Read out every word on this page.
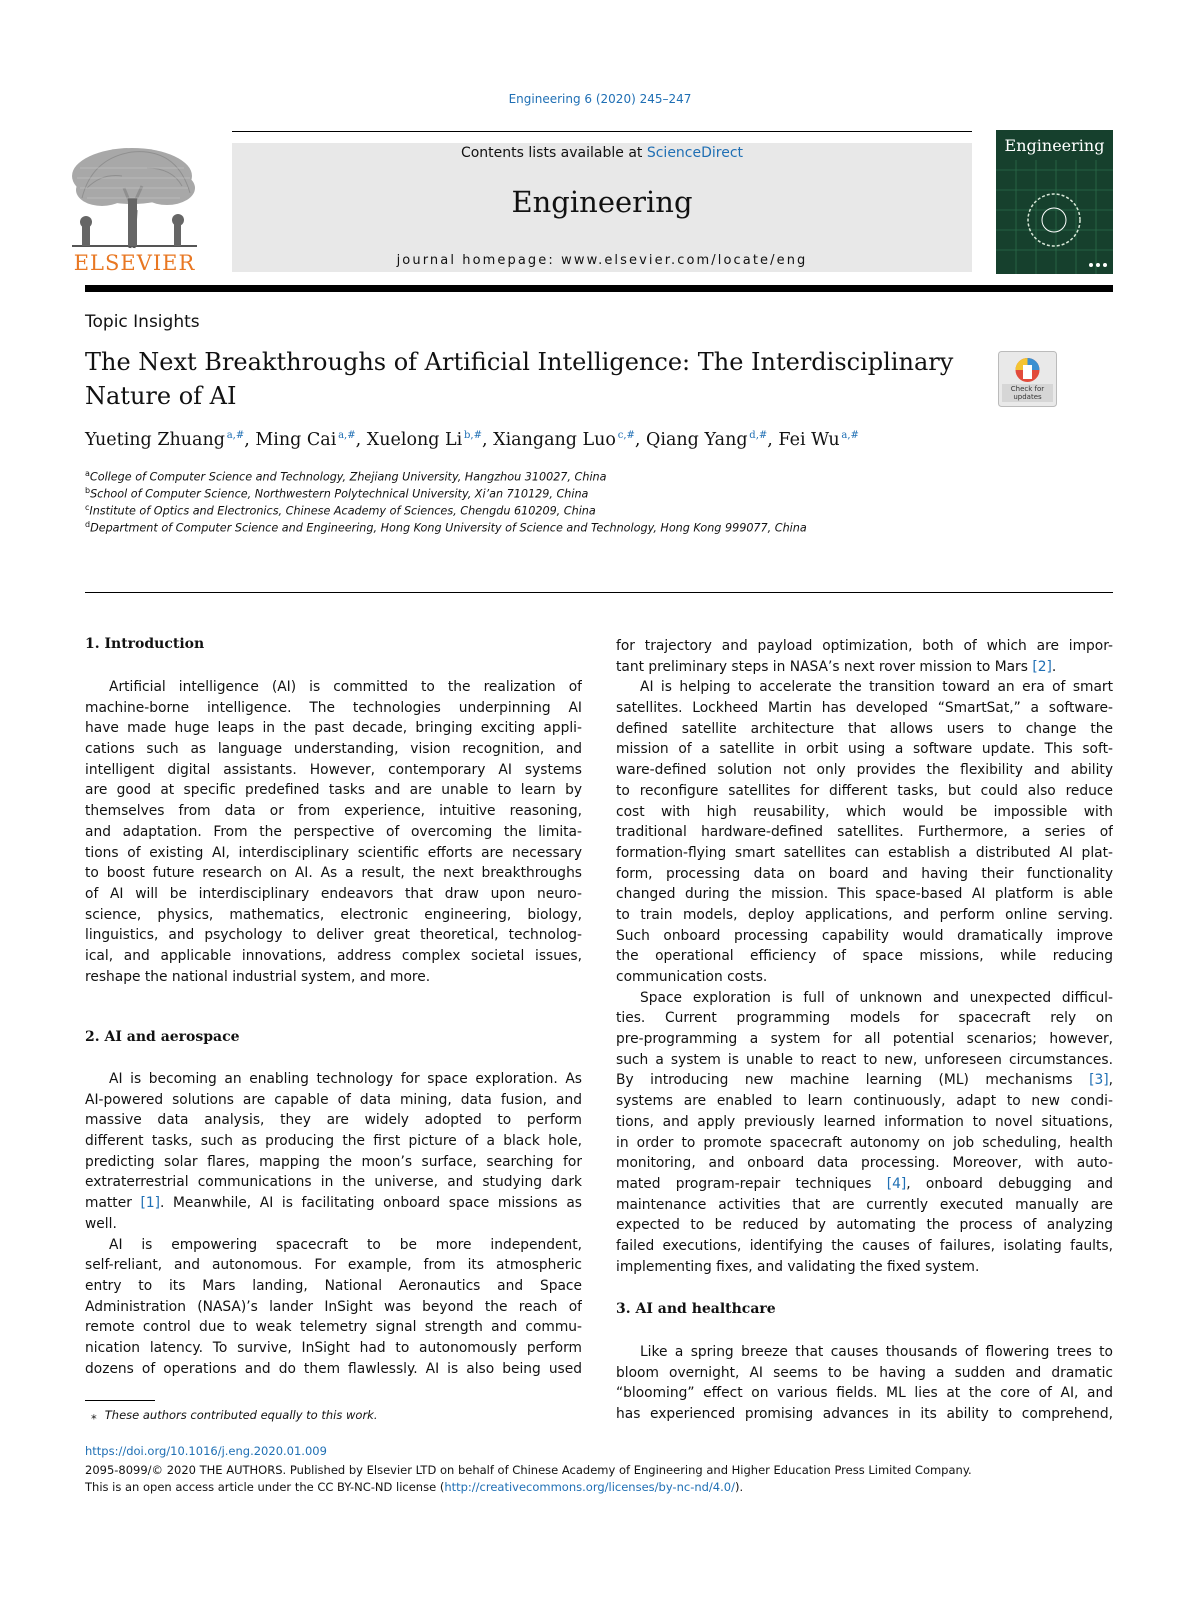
Engineering 6 (2020) 245–247
ELSEVIER
Contents lists available at ScienceDirect
Engineering
journal homepage: www.elsevier.com/locate/eng
Engineering
Topic Insights
The Next Breakthroughs of Artificial Intelligence: The Interdisciplinary
Nature of AI	Check for updates
Yueting Zhuang  $^{a,\#}$, Ming Cai  $^{a,\#}$, Xuelong Li  $^{b,\#}$, Xiangang Luo  $^{c,\#}$, Qiang Yang  $^{d,\#}$, Fei Wu  $^{a,\#}$
$^a$College of Computer Science and Technology, Zhejiang University, Hangzhou 310027, China
$^b$School of Computer Science, Northwestern Polytechnical University, Xi’an 710129, China
$^c$Institute of Optics and Electronics, Chinese Academy of Sciences, Chengdu 610209, China
$^d$Department of Computer Science and Engineering, Hong Kong University of Science and Technology, Hong Kong 999077, China
1. Introduction
Artificial intelligence (AI) is committed to the realization of
machine-borne intelligence. The technologies underpinning AI
have made huge leaps in the past decade, bringing exciting appli-
cations such as language understanding, vision recognition, and
intelligent digital assistants. However, contemporary AI systems
are good at specific predefined tasks and are unable to learn by
themselves from data or from experience, intuitive reasoning,
and adaptation. From the perspective of overcoming the limita-
tions of existing AI, interdisciplinary scientific efforts are necessary
to boost future research on AI. As a result, the next breakthroughs
of AI will be interdisciplinary endeavors that draw upon neuro-
science, physics, mathematics, electronic engineering, biology,
linguistics, and psychology to deliver great theoretical, technolog-
ical, and applicable innovations, address complex societal issues,
reshape the national industrial system, and more.
2. AI and aerospace
AI is becoming an enabling technology for space exploration. As
AI-powered solutions are capable of data mining, data fusion, and
massive data analysis, they are widely adopted to perform
different tasks, such as producing the first picture of a black hole,
predicting solar flares, mapping the moon’s surface, searching for
extraterrestrial communications in the universe, and studying dark
matter [1]. Meanwhile, AI is facilitating onboard space missions as
well.
AI is empowering spacecraft to be more independent,
self-reliant, and autonomous. For example, from its atmospheric
entry to its Mars landing, National Aeronautics and Space
Administration (NASA)’s lander InSight was beyond the reach of
remote control due to weak telemetry signal strength and commu-
nication latency. To survive, InSight had to autonomously perform
dozens of operations and do them flawlessly. AI is also being used
⁎ These authors contributed equally to this work.
for trajectory and payload optimization, both of which are impor-
tant preliminary steps in NASA’s next rover mission to Mars [2].
AI is helping to accelerate the transition toward an era of smart
satellites. Lockheed Martin has developed “SmartSat,” a software-
defined satellite architecture that allows users to change the
mission of a satellite in orbit using a software update. This soft-
ware-defined solution not only provides the flexibility and ability
to reconfigure satellites for different tasks, but could also reduce
cost with high reusability, which would be impossible with
traditional hardware-defined satellites. Furthermore, a series of
formation-flying smart satellites can establish a distributed AI plat-
form, processing data on board and having their functionality
changed during the mission. This space-based AI platform is able
to train models, deploy applications, and perform online serving.
Such onboard processing capability would dramatically improve
the operational efficiency of space missions, while reducing
communication costs.
Space exploration is full of unknown and unexpected difficul-
ties. Current programming models for spacecraft rely on
pre-programming a system for all potential scenarios; however,
such a system is unable to react to new, unforeseen circumstances.
By introducing new machine learning (ML) mechanisms [3],
systems are enabled to learn continuously, adapt to new condi-
tions, and apply previously learned information to novel situations,
in order to promote spacecraft autonomy on job scheduling, health
monitoring, and onboard data processing. Moreover, with auto-
mated program-repair techniques [4], onboard debugging and
maintenance activities that are currently executed manually are
expected to be reduced by automating the process of analyzing
failed executions, identifying the causes of failures, isolating faults,
implementing fixes, and validating the fixed system.
3. AI and healthcare
Like a spring breeze that causes thousands of flowering trees to
bloom overnight, AI seems to be having a sudden and dramatic
“blooming” effect on various fields. ML lies at the core of AI, and
has experienced promising advances in its ability to comprehend,
https://doi.org/10.1016/j.eng.2020.01.009
2095-8099/© 2020 THE AUTHORS. Published by Elsevier LTD on behalf of Chinese Academy of Engineering and Higher Education Press Limited Company.
This is an open access article under the CC BY-NC-ND license (http://creativecommons.org/licenses/by-nc-nd/4.0/).
